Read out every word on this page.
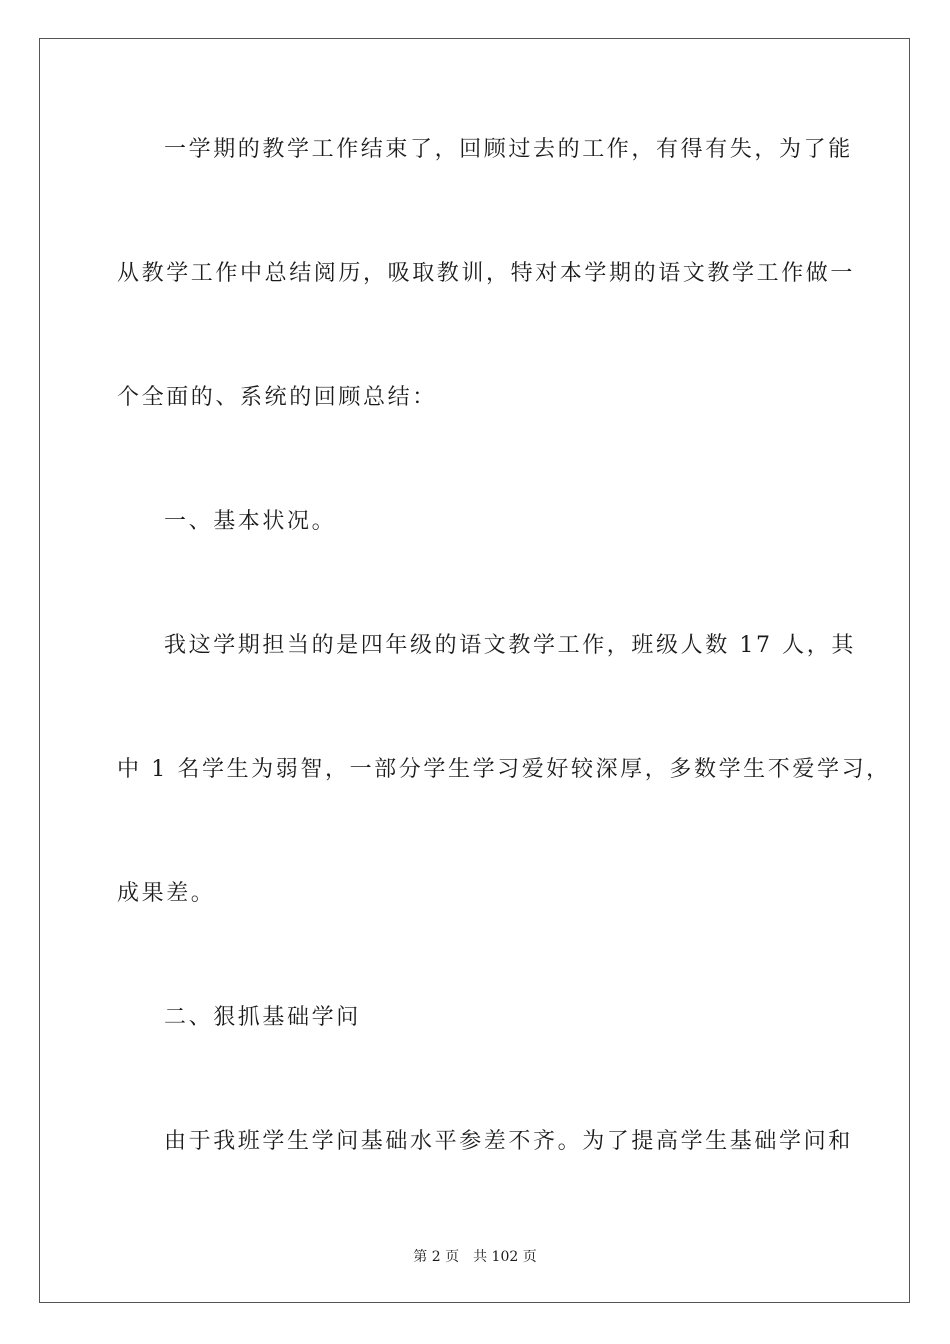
一学期的教学工作结束了，回顾过去的工作，有得有失，为了能
从教学工作中总结阅历，吸取教训，特对本学期的语文教学工作做一
个全面的、系统的回顾总结：
一、基本状况。
我这学期担当的是四年级的语文教学工作，班级人数 17 人，其
中 1 名学生为弱智，一部分学生学习爱好较深厚，多数学生不爱学习，
成果差。
二、狠抓基础学问
由于我班学生学问基础水平参差不齐。为了提高学生基础学问和
第 2 页 共 102 页
